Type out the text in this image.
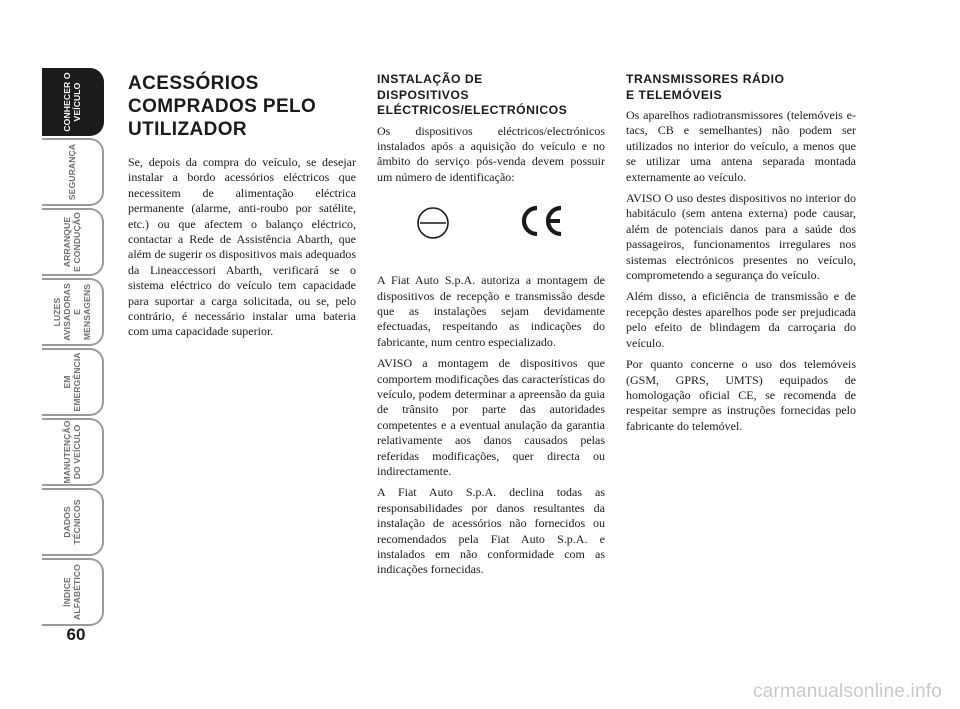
CONHECER O
VEÍCULO
SEGURANÇA
ARRANQUE
E CONDUÇÃO
LUZES
AVISADORAS
E MENSAGENS
EM
EMERGÊNCIA
MANUTENÇÃO
DO VEÍCULO
DADOS
TÉCNICOS
ÍNDICE
ALFABÉTICO
60
ACESSÓRIOS
COMPRADOS PELO
UTILIZADOR

Se, depois da compra do veículo, se desejar instalar a bordo acessórios eléctricos que necessitem de alimentação eléctrica permanente (alarme, anti-roubo por satélite, etc.) ou que afectem o balanço eléctrico, contactar a Rede de Assistência Abarth, que além de sugerir os dispositivos mais adequados da Lineaccessori Abarth, verificará se o sistema eléctrico do veículo tem capacidade para suportar a carga solicitada, ou se, pelo contrário, é necessário instalar uma bateria com uma capacidade superior.

INSTALAÇÃO DE
DISPOSITIVOS
ELÉCTRICOS/ELECTRÓNICOS

Os dispositivos eléctricos/electrónicos instalados após a aquisição do veículo e no âmbito do serviço pós-venda devem possuir um número de identificação:

A Fiat Auto S.p.A. autoriza a montagem de dispositivos de recepção e transmissão desde que as instalações sejam devidamente efectuadas, respeitando as indicações do fabricante, num centro especializado.

AVISO a montagem de dispositivos que comportem modificações das características do veículo, podem determinar a apreensão da guia de trânsito por parte das autoridades competentes e a eventual anulação da garantia relativamente aos danos causados pelas referidas modificações, quer directa ou indirectamente.

A Fiat Auto S.p.A. declina todas as responsabilidades por danos resultantes da instalação de acessórios não fornecidos ou recomendados pela Fiat Auto S.p.A. e instalados em não conformidade com as indicações fornecidas.

TRANSMISSORES RÁDIO
E TELEMÓVEIS

Os aparelhos radiotransmissores (telemóveis e-tacs, CB e semelhantes) não podem ser utilizados no interior do veículo, a menos que se utilizar uma antena separada montada externamente ao veículo.

AVISO O uso destes dispositivos no interior do habitáculo (sem antena externa) pode causar, além de potenciais danos para a saúde dos passageiros, funcionamentos irregulares nos sistemas electrónicos presentes no veículo, comprometendo a segurança do veículo.

Além disso, a eficiência de transmissão e de recepção destes aparelhos pode ser prejudicada pelo efeito de blindagem da carroçaria do veículo.

Por quanto concerne o uso dos telemóveis (GSM, GPRS, UMTS) equipados de homologação oficial CE, se recomenda de respeitar sempre as instruções fornecidas pelo fabricante do telemóvel.

carmanualsonline.info
